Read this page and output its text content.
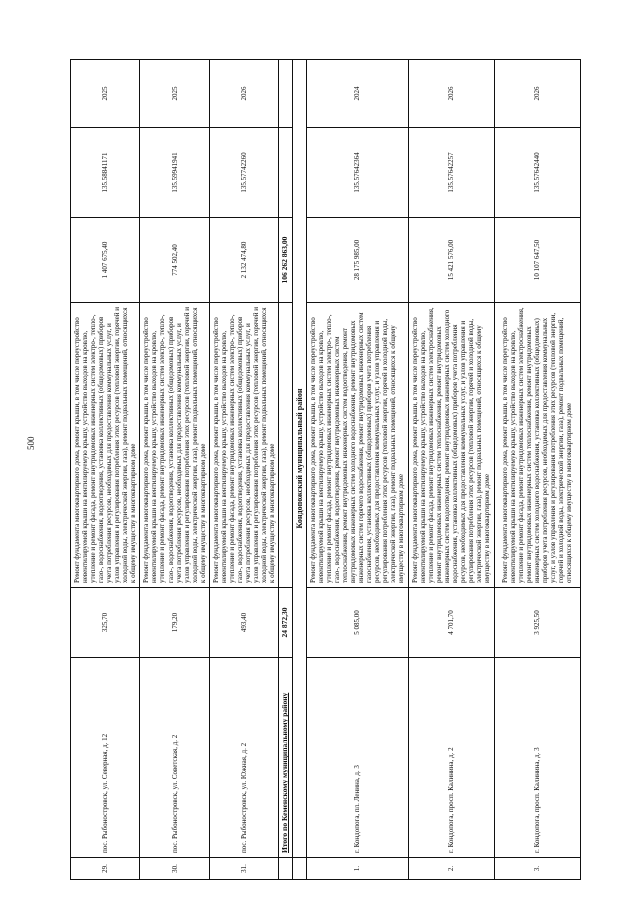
500
29.	пос. Рыбоностровск, ул. Северная, д. 12	325,70	Ремонт фундамента многоквартирного дома, ремонт крыши, в том числе переустройство невентилируемой крыши на вентилируемую крышу, устройство выходов на кровлю, утепление и ремонт фасада, ремонт внутридомовых инженерных систем электро-, тепло-, газо-, водоснабжения, водоотведения, установка коллективных (общедомовых) приборов учета потребления ресурсов, необходимых для предоставления коммунальных услуг, и узлов управления и регулирования потребления этих ресурсов (тепловой энергии, горячей и холодной воды, электрической энергии, газа), ремонт подвальных помещений, относящихся к общему имуществу в многоквартирном доме	1 407 675,40	135.58841171	2025
30.	пос. Рыбоностровск, ул. Советская, д. 2	179,20	Ремонт фундамента многоквартирного дома, ремонт крыши, в том числе переустройство невентилируемой крыши на вентилируемую крышу, устройство выходов на кровлю, утепление и ремонт фасада, ремонт внутридомовых инженерных систем электро-, тепло-, газо-, водоснабжения, водоотведения, установка коллективных (общедомовых) приборов учета потребления ресурсов, необходимых для предоставления коммунальных услуг, и узлов управления и регулирования потребления этих ресурсов (тепловой энергии, горячей и холодной воды, электрической энергии, газа), ремонт подвальных помещений, относящихся к общему имуществу в многоквартирном доме	774 502,40	135.59941941	2025
31.	пос. Рыбоностровск, ул. Южная, д. 2	493,40	Ремонт фундамента многоквартирного дома, ремонт крыши, в том числе переустройство невентилируемой крыши на вентилируемую крышу, устройство выходов на кровлю, утепление и ремонт фасада, ремонт внутридомовых инженерных систем электро-, тепло-, газо-, водоснабжения, водоотведения, установка коллективных (общедомовых) приборов учета потребления ресурсов, необходимых для предоставления коммунальных услуг, и узлов управления и регулирования потребления этих ресурсов (тепловой энергии, горячей и холодной воды, электрической энергии, газа), ремонт подвальных помещений, относящихся к общему имуществу в многоквартирном доме	2 132 474,80	135.57742260	2026
	Итого по Кеменскому муниципальному району	24 872,30		106 262 863,00		
	Кондопожский муниципальный район					
1.	г. Кондопога, пл. Ленина, д. 3	5 085,00	Ремонт фундамента многоквартирного дома, ремонт крыши, в том числе переустройство невентилируемой крыши на вентилируемую крышу, устройство выходов на кровлю, утепление и ремонт фасада, ремонт внутридомовых инженерных систем электро-, тепло-, газо-, водоснабжения, водоотведения, ремонт внутридомовых инженерных систем теплоснабжения, ремонт внутридомовых инженерных систем водоотведения, ремонт внутридомовых инженерных систем холодного водоснабжения, ремонт внутридомовых инженерных систем горячего водоснабжения, ремонт внутридомовых инженерных систем газоснабжения, установка коллективных (общедомовых) приборов учета потребления ресурсов, необходимых для предоставления коммунальных услуг, и узлов управления и регулирования потребления этих ресурсов (тепловой энергии, горячей и холодной воды, электрической энергии, газа), ремонт подвальных помещений, относящихся к общему имуществу в многоквартирном доме	28 175 985,00	135.57642364	2024
2.	г. Кондопога, просп. Калинина, д. 2	4 701,70	Ремонт фундамента многоквартирного дома, ремонт крыши, в том числе переустройство невентилируемой крыши на вентилируемую крышу, устройство выходов на кровлю, утепление и ремонт фасада, ремонт внутридомовых инженерных систем электроснабжения, ремонт внутридомовых инженерных систем теплоснабжения, ремонт внутридомовых инженерных систем водоотведения, ремонт внутридомовых инженерных систем холодного водоснабжения, установка коллективных (общедомовых) приборов учета потребления ресурсов, необходимых для предоставления коммунальных услуг, и узлов управления и регулирования потребления этих ресурсов (тепловой энергии, горячей и холодной воды, электрической энергии, газа), ремонт подвальных помещений, относящихся к общему имуществу в многоквартирном доме	15 421 576,00	135.57642257	2026
3.	г. Кондопога, просп. Калинина, д. 3	3 925,50	Ремонт фундамента многоквартирного дома, ремонт крыши, в том числе переустройство невентилируемой крыши на вентилируемую крышу, устройство выходов на кровлю, утепление и ремонт фасада, ремонт внутридомовых инженерных систем электроснабжения, ремонт внутридомовых инженерных систем теплоснабжения, ремонт внутридомовых инженерных систем холодного водоснабжения, установка коллективных (общедомовых) приборов учета потребления ресурсов, необходимых для предоставления коммунальных услуг, и узлов управления и регулирования потребления этих ресурсов (тепловой энергии, горячей и холодной воды, электрической энергии, газа), ремонт подвальных помещений, относящихся к общему имуществу в многоквартирном доме	10 107 647,50	135.57642440	2026
